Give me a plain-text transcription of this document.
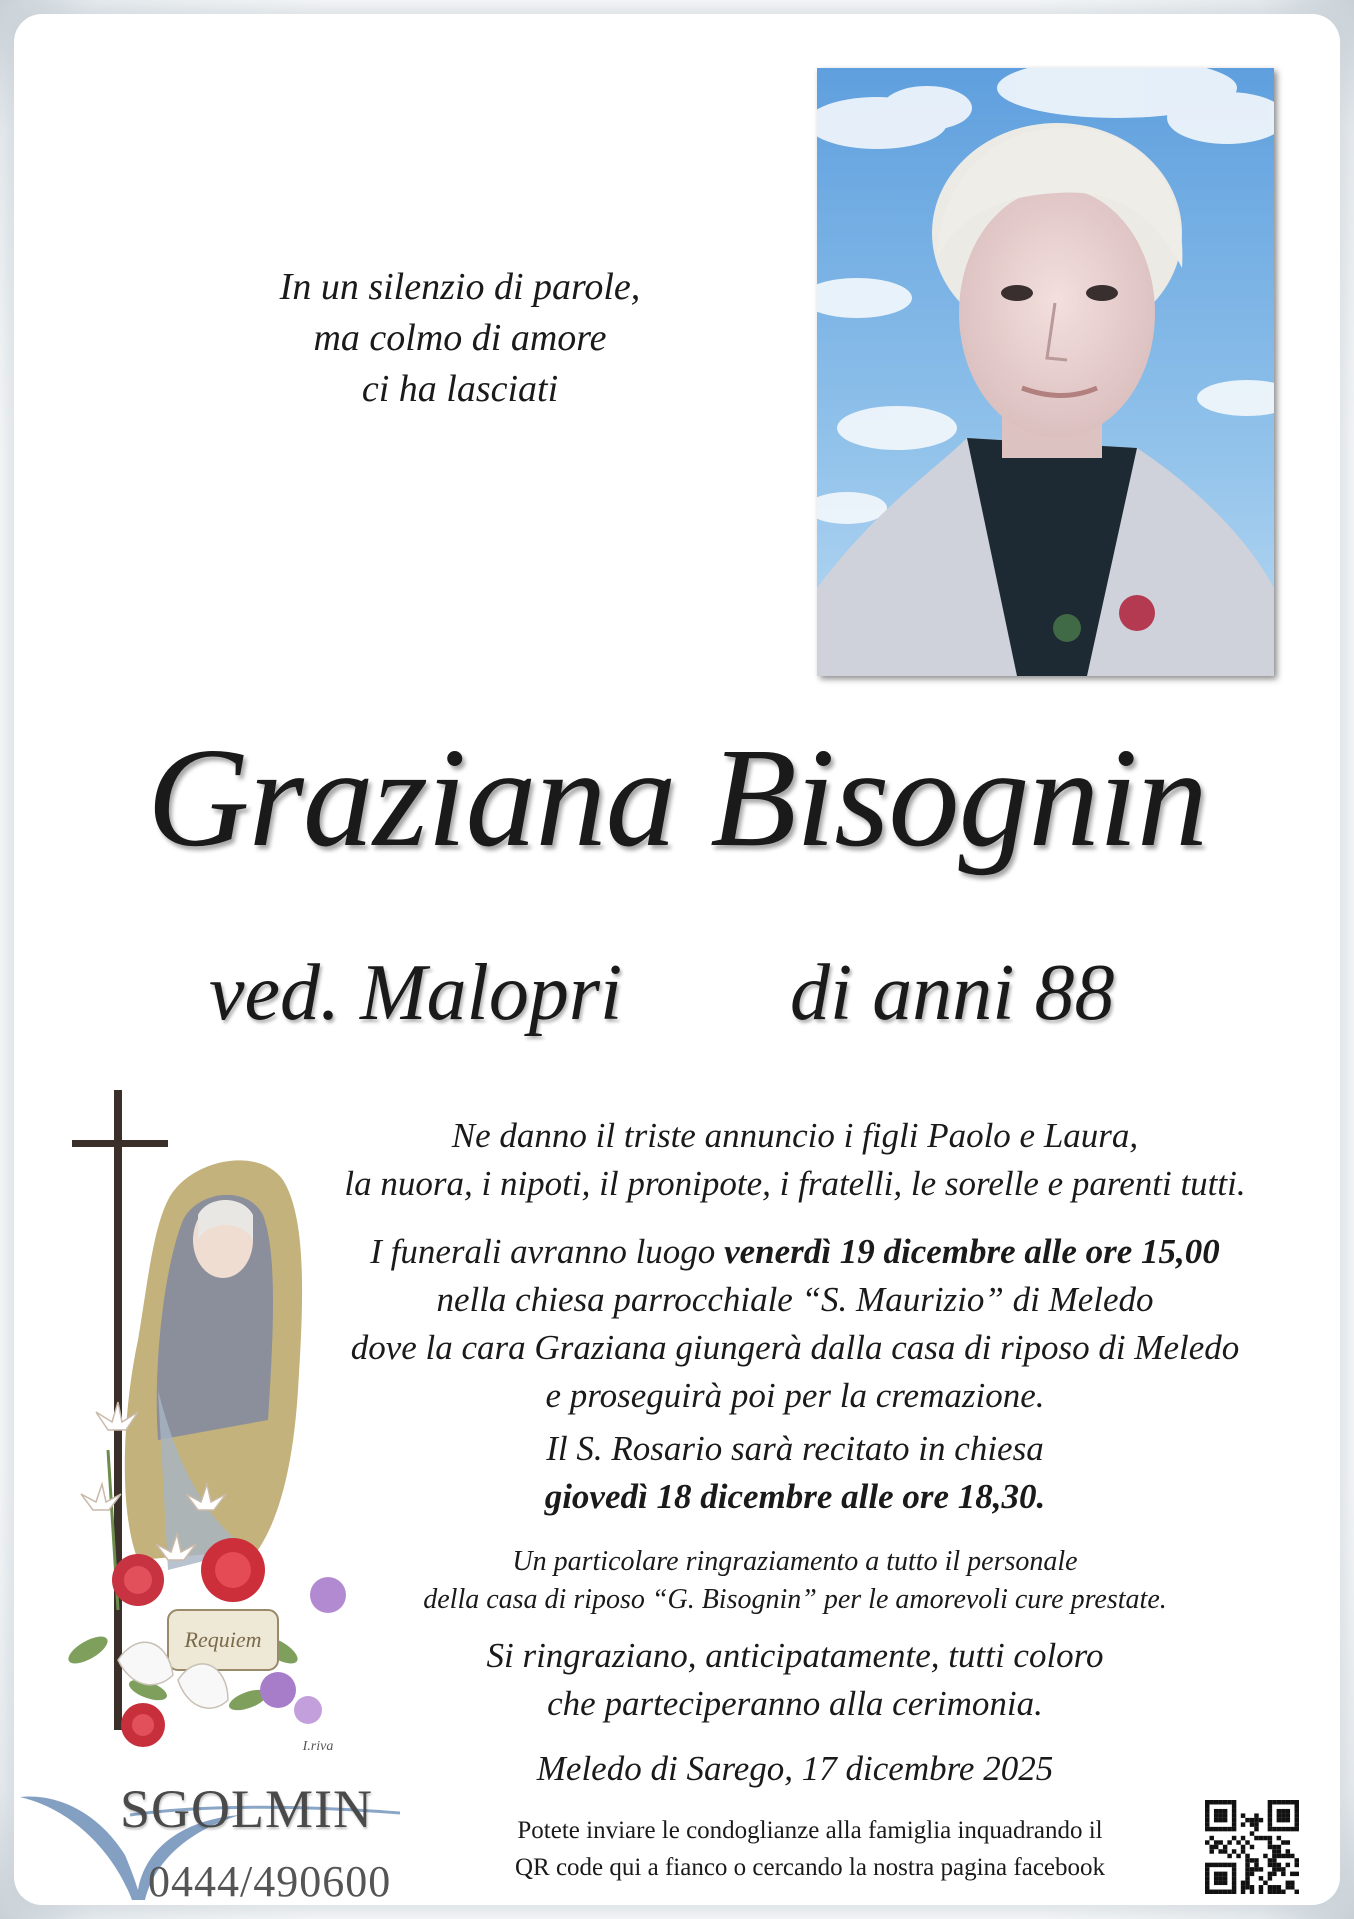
In un silenzio di parole,
ma colmo di amore
ci ha lasciati
Graziana Bisognin
ved. Malopri di anni 88
Requiem
I.riva
Ne danno il triste annuncio i figli Paolo e Laura,
la nuora, i nipoti, il pronipote, i fratelli, le sorelle e parenti tutti.
I funerali avranno luogo venerdì 19 dicembre alle ore 15,00
nella chiesa parrocchiale “S. Maurizio” di Meledo
dove la cara Graziana giungerà dalla casa di riposo di Meledo
e proseguirà poi per la cremazione.
Il S. Rosario sarà recitato in chiesa
giovedì 18 dicembre alle ore 18,30.
Un particolare ringraziamento a tutto il personale
della casa di riposo “G. Bisognin” per le amorevoli cure prestate.
Si ringraziano, anticipatamente, tutti coloro
che parteciperanno alla cerimonia.
Meledo di Sarego, 17 dicembre 2025
Potete inviare le condoglianze alla famiglia inquadrando il
QR code qui a fianco o cercando la nostra pagina facebook
SGOLMIN
0444/490600
